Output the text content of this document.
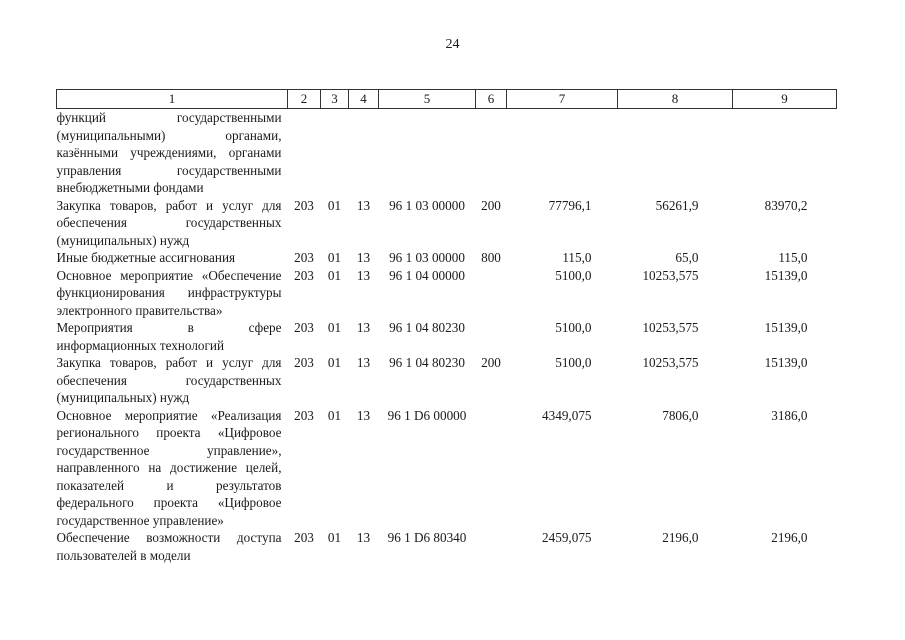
24
1	2	3	4	5	6	7	8	9
функций государственными (муниципальными) органами, казёнными учреждениями, органами управления государственными внебюджетными фондами								
Закупка товаров, работ и услуг для обеспечения государственных (муниципальных) нужд	203	01	13	96 1 03 00000	200	77796,1	56261,9	83970,2
Иные бюджетные ассигнования	203	01	13	96 1 03 00000	800	115,0	65,0	115,0
Основное мероприятие «Обеспечение функционирования инфраструктуры электронного правительства»	203	01	13	96 1 04 00000		5100,0	10253,575	15139,0
Мероприятия в сфере информационных технологий	203	01	13	96 1 04 80230		5100,0	10253,575	15139,0
Закупка товаров, работ и услуг для обеспечения государственных (муниципальных) нужд	203	01	13	96 1 04 80230	200	5100,0	10253,575	15139,0
Основное мероприятие «Реализация регионального проекта «Цифровое государственное управление», направленного на достижение целей, показателей и результатов федерального проекта «Цифровое государственное управление»	203	01	13	96 1 D6 00000		4349,075	7806,0	3186,0
Обеспечение возможности доступа пользователей в модели	203	01	13	96 1 D6 80340		2459,075	2196,0	2196,0
